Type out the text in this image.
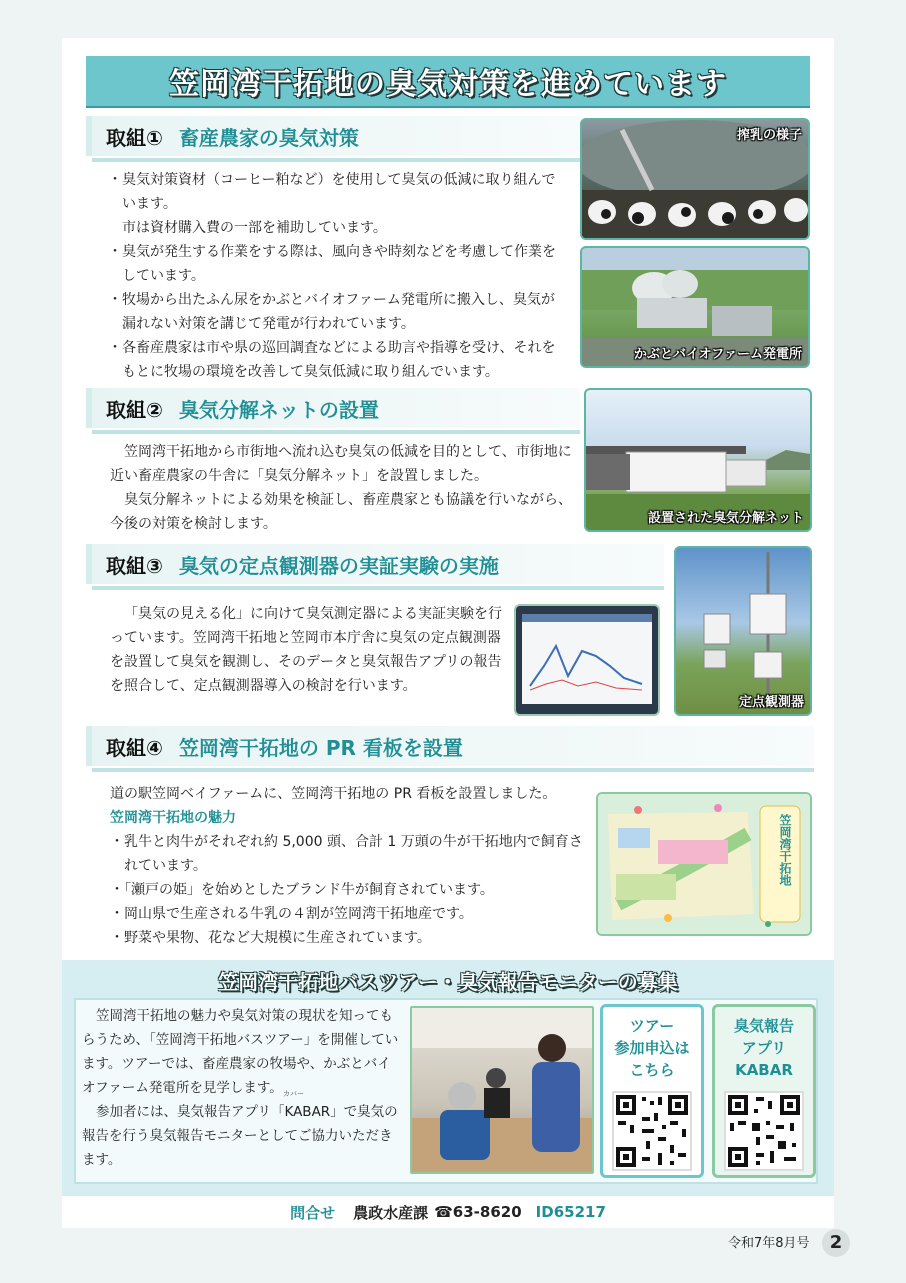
笠岡湾干拓地の臭気対策を進めています
取組① 畜産農家の臭気対策

・臭気対策資材（コーヒー粕など）を使用して臭気の低減に取り組んでいます。

市は資材購入費の一部を補助しています。

・臭気が発生する作業をする際は、風向きや時刻などを考慮して作業をしています。

・牧場から出たふん尿をかぶとバイオファーム発電所に搬入し、臭気が漏れない対策を講じて発電が行われています。

・各畜産農家は市や県の巡回調査などによる助言や指導を受け、それをもとに牧場の環境を改善して臭気低減に取り組んでいます。

搾乳の様子
かぶとバイオファーム発電所
取組② 臭気分解ネットの設置

笠岡湾干拓地から市街地へ流れ込む臭気の低減を目的として、市街地に近い畜産農家の牛舎に「臭気分解ネット」を設置しました。

臭気分解ネットによる効果を検証し、畜産農家とも協議を行いながら、今後の対策を検討します。	設置された臭気分解ネット
取組③ 臭気の定点観測器の実証実験の実施

「臭気の見える化」に向けて臭気測定器による実証実験を行っています。笠岡湾干拓地と笠岡市本庁舎に臭気の定点観測器を設置して臭気を観測し、そのデータと臭気報告アプリの報告を照合して、定点観測器導入の検討を行います。

定点観測器
取組④ 笠岡湾干拓地の PR 看板を設置

道の駅笠岡ベイファームに、笠岡湾干拓地の PR 看板を設置しました。

笠岡湾干拓地の魅力

・乳牛と肉牛がそれぞれ約 5,000 頭、合計 1 万頭の牛が干拓地内で飼育されています。

・「瀬戸の姫」を始めとしたブランド牛が飼育されています。

・岡山県で生産される牛乳の４割が笠岡湾干拓地産です。

・野菜や果物、花など大規模に生産されています。

笠岡湾干拓地
笠岡湾干拓地バスツアー・臭気報告モニターの募集

笠岡湾干拓地の魅力や臭気対策の現状を知ってもらうため、「笠岡湾干拓地バスツアー」を開催しています。ツアーでは、畜産農家の牧場や、かぶとバイオファーム発電所を見学します。

参加者には、臭気報告アプリ「KABAR」で臭気の報告を行う臭気報告モニターとしてご協力いただきます。

カバー
ツアー
参加申込は
こちら
臭気報告
アプリ
KABAR
問合せ 農政水産課 ☎63-8620 ID65217
令和7年8月号	2
